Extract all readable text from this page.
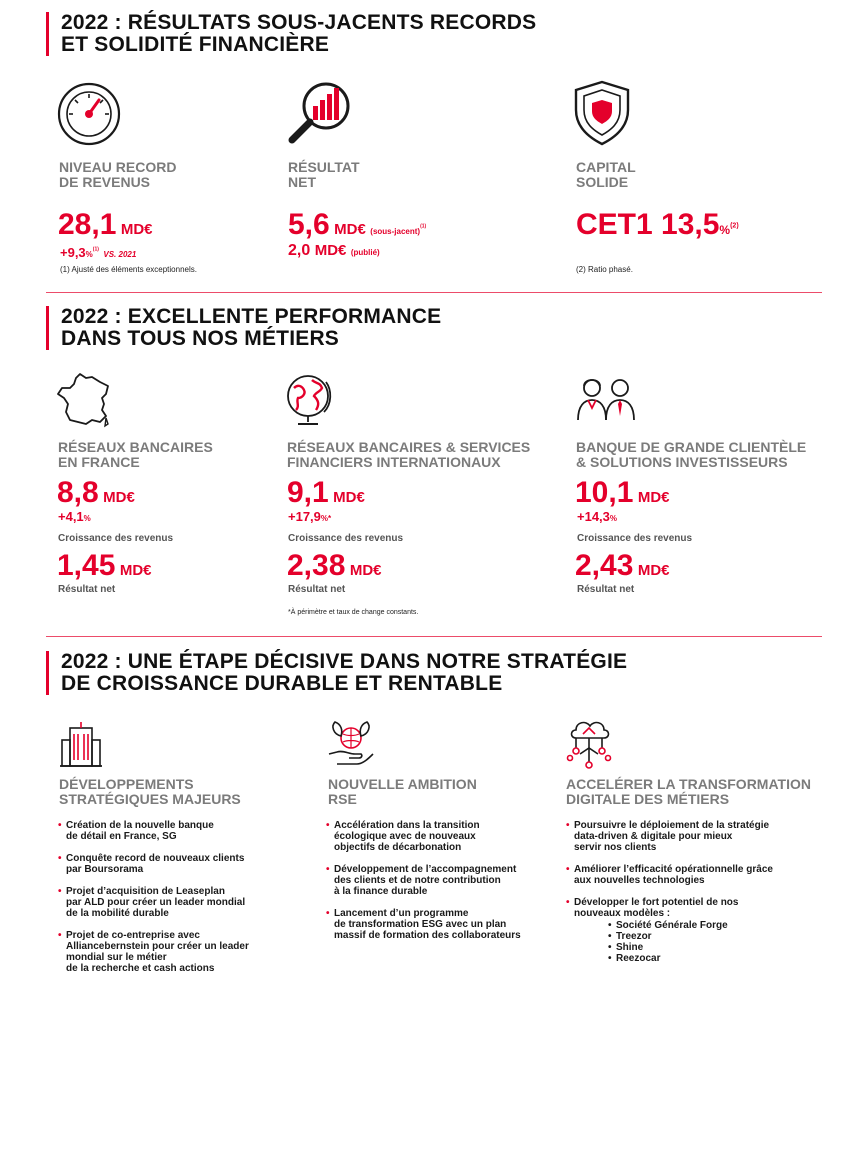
2022 : RÉSULTATS SOUS-JACENTS RECORDS
ET SOLIDITÉ FINANCIÈRE
NIVEAU RECORD
DE REVENUS
RÉSULTAT
NET
CAPITAL
SOLIDE
28,1 MD€
+9,3%$^{(1)}$ VS. 2021
(1) Ajusté des éléments exceptionnels.
5,6 MD€ (sous-jacent)$^{(1)}$
2,0 MD€ (publié)
CET1 13,5%$^{(2)}$
(2) Ratio phasé.
2022 : EXCELLENTE PERFORMANCE
DANS TOUS NOS MÉTIERS
RÉSEAUX BANCAIRES
EN FRANCE
RÉSEAUX BANCAIRES & SERVICES
FINANCIERS INTERNATIONAUX
BANQUE DE GRANDE CLIENTÈLE
& SOLUTIONS INVESTISSEURS
8,8 MD€
+4,1%
Croissance des revenus
1,45 MD€
Résultat net
9,1 MD€
+17,9%*
Croissance des revenus
2,38 MD€
Résultat net
*À périmètre et taux de change constants.
10,1 MD€
+14,3%
Croissance des revenus
2,43 MD€
Résultat net
2022 : UNE ÉTAPE DÉCISIVE DANS NOTRE STRATÉGIE
DE CROISSANCE DURABLE ET RENTABLE
DÉVELOPPEMENTS
STRATÉGIQUES MAJEURS
NOUVELLE AMBITION
RSE
ACCELÉRER LA TRANSFORMATION
DIGITALE DES MÉTIERS
• Création de la nouvelle banque
de détail en France, SG
• Conquête record de nouveaux clients
par Boursorama
• Projet d’acquisition de Leaseplan
par ALD pour créer un leader mondial
de la mobilité durable
• Projet de co-entreprise avec
Alliancebernstein pour créer un leader
mondial sur le métier
de la recherche et cash actions
• Accélération dans la transition
écologique avec de nouveaux
objectifs de décarbonation
• Développement de l’accompagnement
des clients et de notre contribution
à la finance durable
• Lancement d’un programme
de transformation ESG avec un plan
massif de formation des collaborateurs
• Poursuivre le déploiement de la stratégie
data-driven & digitale pour mieux
servir nos clients
• Améliorer l’efficacité opérationnelle grâce
aux nouvelles technologies
• Développer le fort potentiel de nos
nouveaux modèles :
• Société Générale Forge
• Treezor
• Shine
• Reezocar
